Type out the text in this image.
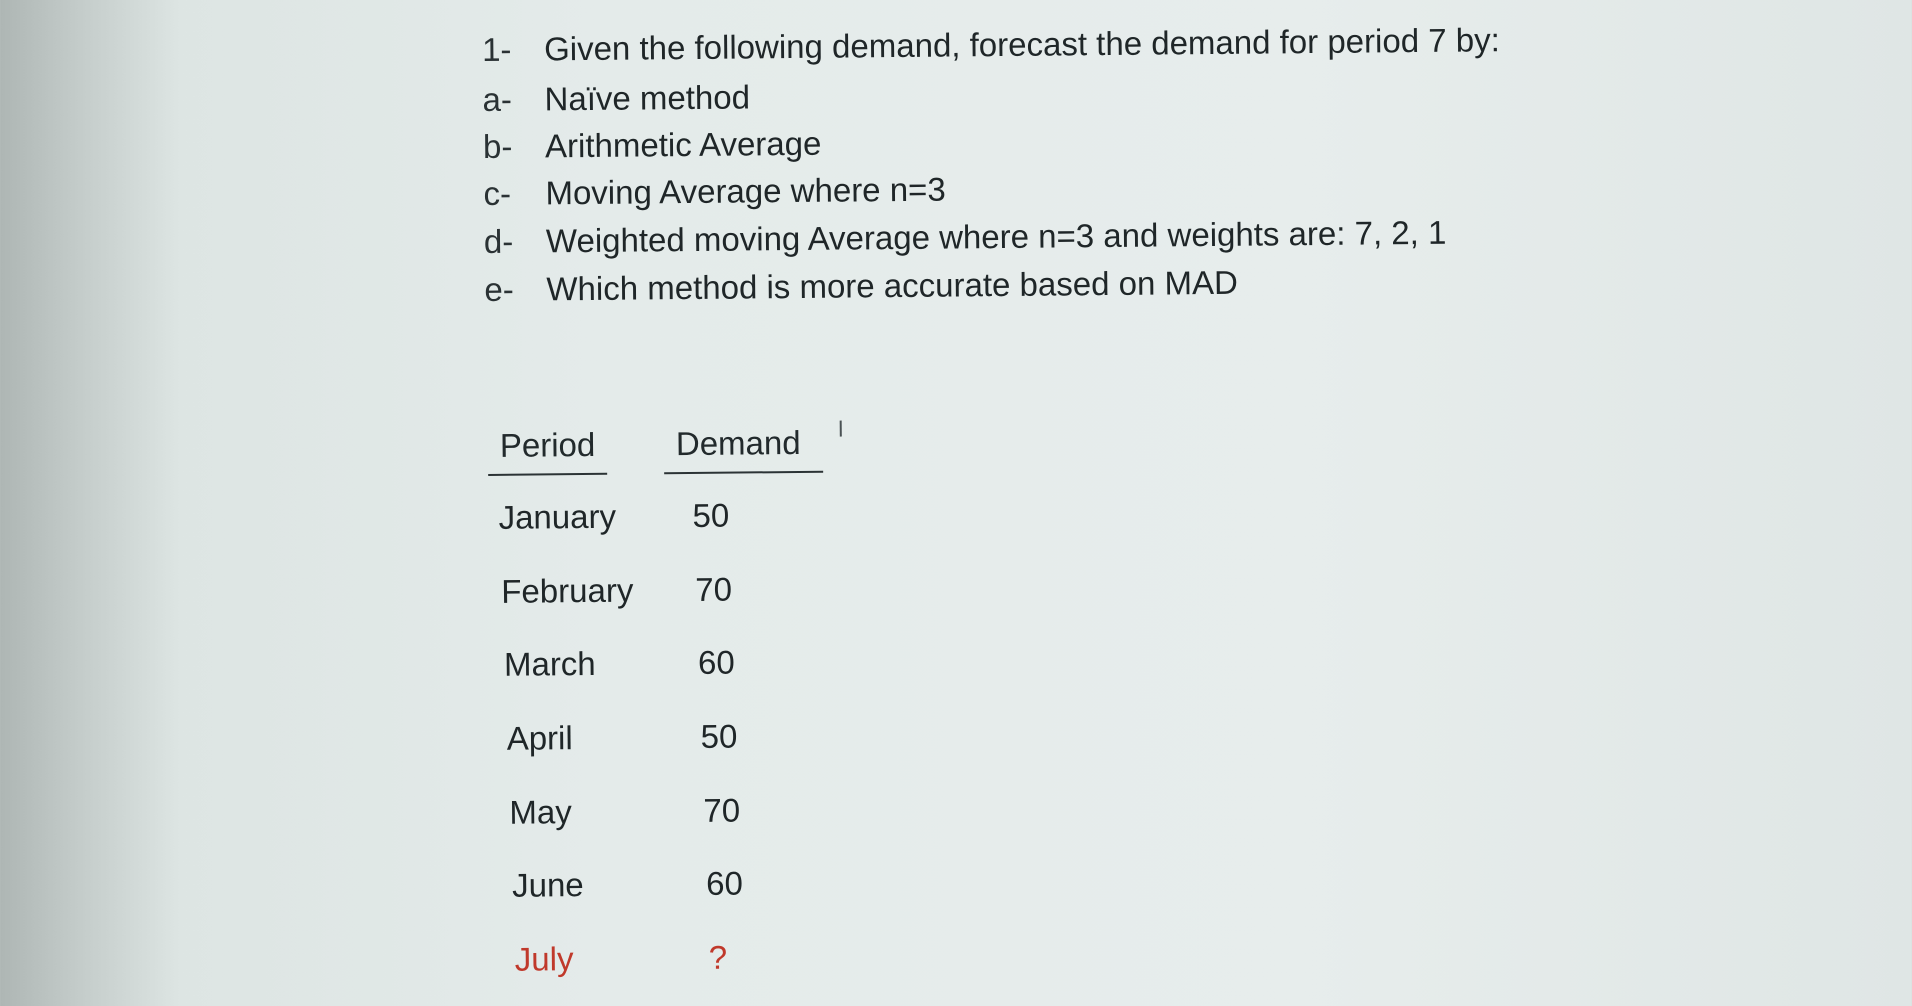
1- Given the following demand, forecast the demand for period 7 by:
a- Naïve method
b- Arithmetic Average
c- Moving Average where n=3
d- Weighted moving Average where n=3 and weights are: 7, 2, 1
e- Which method is more accurate based on MAD
Period	Demand
January 50
February 70
March	60
April	50
May	70
June	60
July	?
